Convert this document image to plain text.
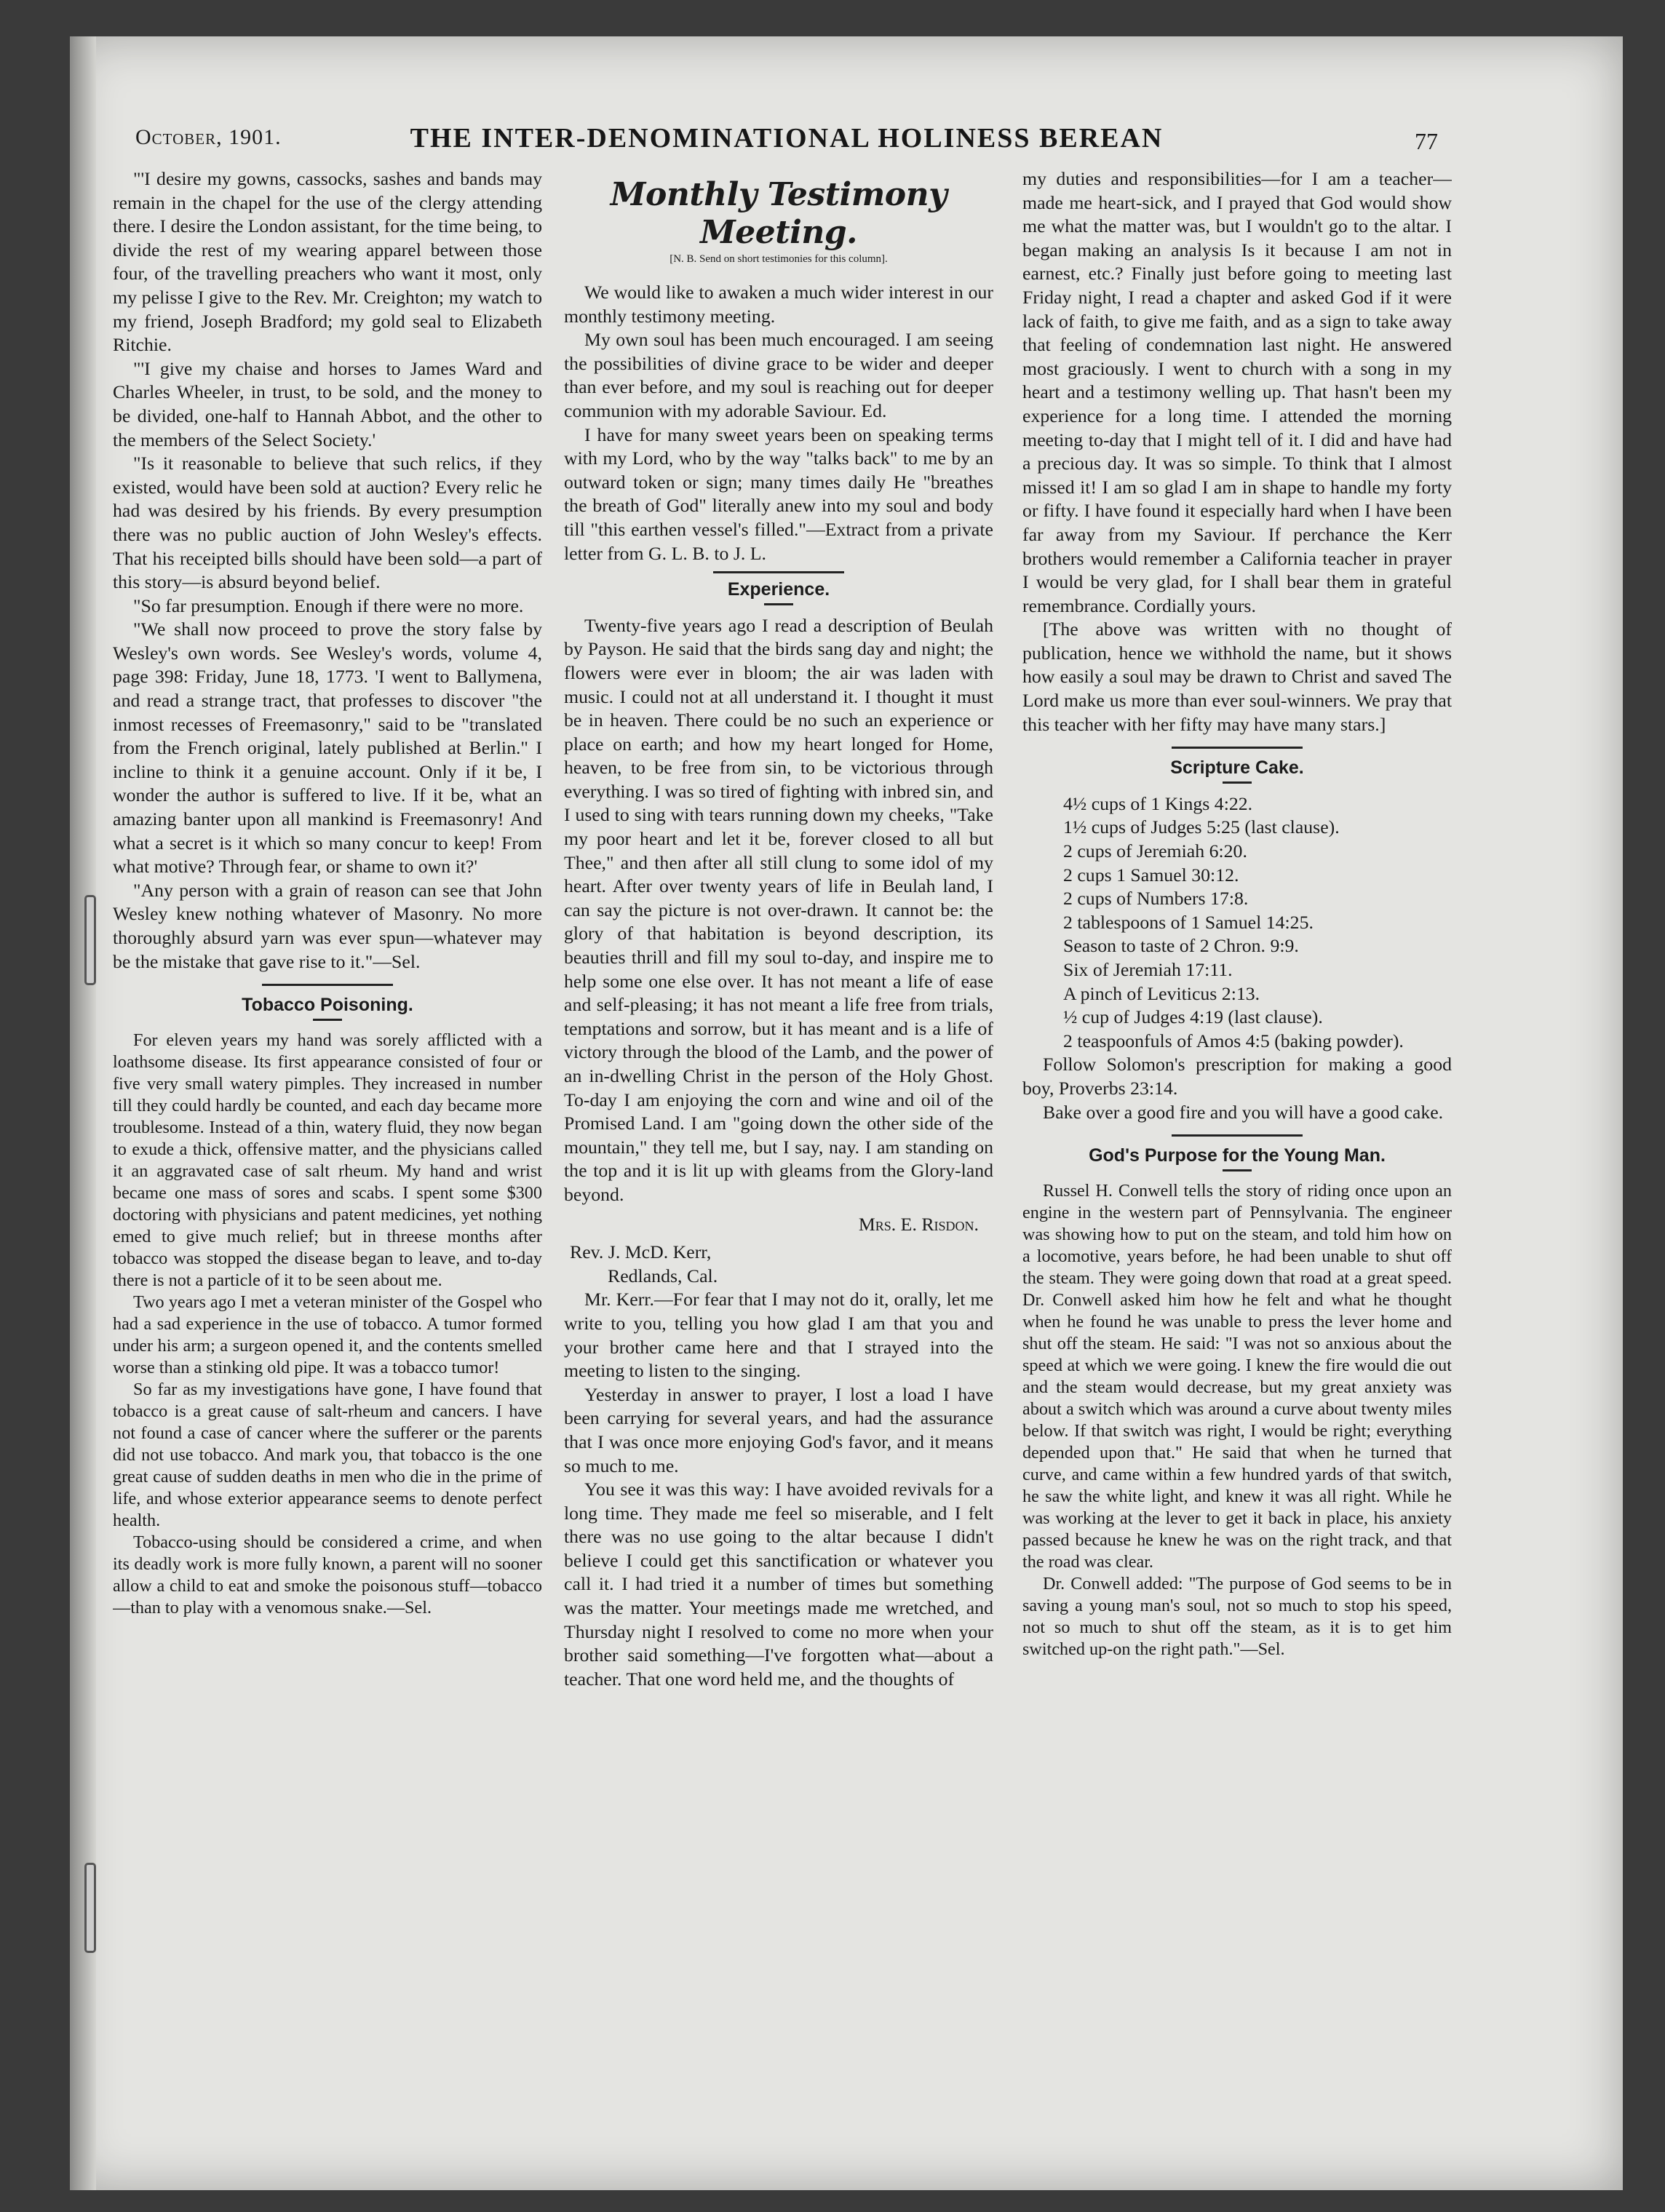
October, 1901.	THE INTER-DENOMINATIONAL HOLINESS BEREAN	77

"'I desire my gowns, cassocks, sashes and bands may remain in the chapel for the use of the clergy attending there. I desire the London assistant, for the time being, to divide the rest of my wearing apparel between those four, of the travelling preachers who want it most, only my pelisse I give to the Rev. Mr. Creighton; my watch to my friend, Joseph Bradford; my gold seal to Elizabeth Ritchie.

"'I give my chaise and horses to James Ward and Charles Wheeler, in trust, to be sold, and the money to be divided, one-half to Hannah Abbot, and the other to the members of the Select Society.'

"Is it reasonable to believe that such relics, if they existed, would have been sold at auction? Every relic he had was desired by his friends. By every presumption there was no public auction of John Wesley's effects. That his receipted bills should have been sold—a part of this story—is absurd beyond belief.

"So far presumption. Enough if there were no more.

"We shall now proceed to prove the story false by Wesley's own words. See Wesley's words, volume 4, page 398: Friday, June 18, 1773. 'I went to Ballymena, and read a strange tract, that professes to discover "the inmost recesses of Freemasonry," said to be "translated from the French original, lately published at Berlin." I incline to think it a genuine account. Only if it be, I wonder the author is suffered to live. If it be, what an amazing banter upon all mankind is Freemasonry! And what a secret is it which so many concur to keep! From what motive? Through fear, or shame to own it?'

"Any person with a grain of reason can see that John Wesley knew nothing whatever of Masonry. No more thoroughly absurd yarn was ever spun—whatever may be the mistake that gave rise to it."—Sel.

Tobacco Poisoning.

For eleven years my hand was sorely afflicted with a loathsome disease. Its first appearance consisted of four or five very small watery pimples. They increased in number till they could hardly be counted, and each day became more troublesome. Instead of a thin, watery fluid, they now began to exude a thick, offensive matter, and the physicians called it an aggravated case of salt rheum. My hand and wrist became one mass of sores and scabs. I spent some $300 doctoring with physicians and patent medicines, yet nothing emed to give much relief; but in threese months after tobacco was stopped the disease began to leave, and to-day there is not a particle of it to be seen about me.

Two years ago I met a veteran minister of the Gospel who had a sad experience in the use of tobacco. A tumor formed under his arm; a surgeon opened it, and the contents smelled worse than a stinking old pipe. It was a tobacco tumor!

So far as my investigations have gone, I have found that tobacco is a great cause of salt-rheum and cancers. I have not found a case of cancer where the sufferer or the parents did not use tobacco. And mark you, that tobacco is the one great cause of sudden deaths in men who die in the prime of life, and whose exterior appearance seems to denote perfect health.

Tobacco-using should be considered a crime, and when its deadly work is more fully known, a parent will no sooner allow a child to eat and smoke the poisonous stuff—tobacco—than to play with a venomous snake.—Sel.

Monthly Testimony Meeting.
[N. B. Send on short testimonies for this column].

We would like to awaken a much wider interest in our monthly testimony meeting.

My own soul has been much encouraged. I am seeing the possibilities of divine grace to be wider and deeper than ever before, and my soul is reaching out for deeper communion with my adorable Saviour. Ed.

I have for many sweet years been on speaking terms with my Lord, who by the way "talks back" to me by an outward token or sign; many times daily He "breathes the breath of God" literally anew into my soul and body till "this earthen vessel's filled."—Extract from a private letter from G. L. B. to J. L.

Experience.

Twenty-five years ago I read a description of Beulah by Payson. He said that the birds sang day and night; the flowers were ever in bloom; the air was laden with music. I could not at all understand it. I thought it must be in heaven. There could be no such an experience or place on earth; and how my heart longed for Home, heaven, to be free from sin, to be victorious through everything. I was so tired of fighting with inbred sin, and I used to sing with tears running down my cheeks, "Take my poor heart and let it be, forever closed to all but Thee," and then after all still clung to some idol of my heart. After over twenty years of life in Beulah land, I can say the picture is not over-drawn. It cannot be: the glory of that habitation is beyond description, its beauties thrill and fill my soul to-day, and inspire me to help some one else over. It has not meant a life of ease and self-pleasing; it has not meant a life free from trials, temptations and sorrow, but it has meant and is a life of victory through the blood of the Lamb, and the power of an in-dwelling Christ in the person of the Holy Ghost. To-day I am enjoying the corn and wine and oil of the Promised Land. I am "going down the other side of the mountain," they tell me, but I say, nay. I am standing on the top and it is lit up with gleams from the Glory-land beyond.

Mrs. E. Risdon.
Rev. J. McD. Kerr,
Redlands, Cal.

Mr. Kerr.—For fear that I may not do it, orally, let me write to you, telling you how glad I am that you and your brother came here and that I strayed into the meeting to listen to the singing.

Yesterday in answer to prayer, I lost a load I have been carrying for several years, and had the assurance that I was once more enjoying God's favor, and it means so much to me.

You see it was this way: I have avoided revivals for a long time. They made me feel so miserable, and I felt there was no use going to the altar because I didn't believe I could get this sanctification or whatever you call it. I had tried it a number of times but something was the matter. Your meetings made me wretched, and Thursday night I resolved to come no more when your brother said something—I've forgotten what—about a teacher. That one word held me, and the thoughts of

my duties and responsibilities—for I am a teacher—made me heart-sick, and I prayed that God would show me what the matter was, but I wouldn't go to the altar. I began making an analysis Is it because I am not in earnest, etc.? Finally just before going to meeting last Friday night, I read a chapter and asked God if it were lack of faith, to give me faith, and as a sign to take away that feeling of condemnation last night. He answered most graciously. I went to church with a song in my heart and a testimony welling up. That hasn't been my experience for a long time. I attended the morning meeting to-day that I might tell of it. I did and have had a precious day. It was so simple. To think that I almost missed it! I am so glad I am in shape to handle my forty or fifty. I have found it especially hard when I have been far away from my Saviour. If perchance the Kerr brothers would remember a California teacher in prayer I would be very glad, for I shall bear them in grateful remembrance. Cordially yours.

[The above was written with no thought of publication, hence we withhold the name, but it shows how easily a soul may be drawn to Christ and saved The Lord make us more than ever soul-winners. We pray that this teacher with her fifty may have many stars.]

Scripture Cake.

4½ cups of 1 Kings 4:22.

1½ cups of Judges 5:25 (last clause).

2 cups of Jeremiah 6:20.

2 cups 1 Samuel 30:12.

2 cups of Numbers 17:8.

2 tablespoons of 1 Samuel 14:25.

Season to taste of 2 Chron. 9:9.

Six of Jeremiah 17:11.

A pinch of Leviticus 2:13.

½ cup of Judges 4:19 (last clause).

2 teaspoonfuls of Amos 4:5 (baking powder).

Follow Solomon's prescription for making a good boy, Proverbs 23:14.

Bake over a good fire and you will have a good cake.

God's Purpose for the Young Man.

Russel H. Conwell tells the story of riding once upon an engine in the western part of Pennsylvania. The engineer was showing how to put on the steam, and told him how on a locomotive, years before, he had been unable to shut off the steam. They were going down that road at a great speed. Dr. Conwell asked him how he felt and what he thought when he found he was unable to press the lever home and shut off the steam. He said: "I was not so anxious about the speed at which we were going. I knew the fire would die out and the steam would decrease, but my great anxiety was about a switch which was around a curve about twenty miles below. If that switch was right, I would be right; everything depended upon that." He said that when he turned that curve, and came within a few hundred yards of that switch, he saw the white light, and knew it was all right. While he was working at the lever to get it back in place, his anxiety passed because he knew he was on the right track, and that the road was clear.

Dr. Conwell added: "The purpose of God seems to be in saving a young man's soul, not so much to stop his speed, not so much to shut off the steam, as it is to get him switched up-on the right path."—Sel.
